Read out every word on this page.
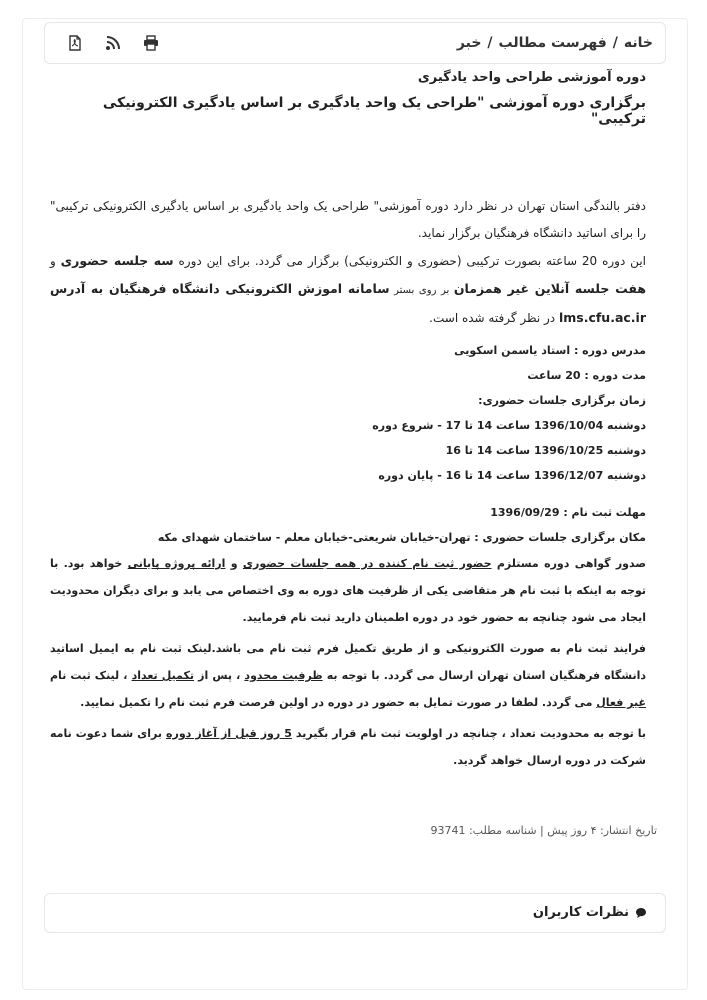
خانه/فهرست مطالب/خبر
دوره آموزشی طراحی واحد یادگیری
برگزاری دوره آموزشی "طراحی یک واحد یادگیری بر اساس یادگیری الکترونیکی ترکیبی"
دفتر بالندگی استان تهران در نظر دارد دوره آموزشی" طراحی یک واحد یادگیری بر اساس یادگیری الکترونیکی ترکیبی" را برای اساتید دانشگاه فرهنگیان برگزار نماید.
این دوره 20 ساعته بصورت ترکیبی (حضوری و الکترونیکی) برگزار می گردد. برای این دوره سه جلسه حضوری و هفت جلسه آنلاین غیر همزمان بر روی بستر سامانه اموزش الکترونیکی دانشگاه فرهنگیان به آدرس lms.cfu.ac.ir در نظر گرفته شده است.
مدرس دوره : استاد یاسمن اسکویی
مدت دوره : 20 ساعت
زمان برگزاری جلسات حضوری:
دوشنبه 1396/10/04 ساعت 14 تا 17 - شروع دوره
دوشنبه 1396/10/25 ساعت 14 تا 16
دوشنبه 1396/12/07 ساعت 14 تا 16 - پایان دوره
مهلت ثبت نام : 1396/09/29
مکان برگزاری جلسات حضوری : تهران-خیابان شریعتی-خیابان معلم - ساختمان شهدای مکه

صدور گواهی دوره مستلزم حضور ثبت نام کننده در همه جلسات حضوری و ارائه پروژه پایانی خواهد بود. با توجه به اینکه با ثبت نام هر متقاضی یکی از ظرفیت های دوره به وی اختصاص می یابد و برای دیگران محدودیت ایجاد می شود چنانچه به حضور خود در دوره اطمینان دارید ثبت نام فرمایید.

فرایند ثبت نام به صورت الکترونیکی و از طریق تکمیل فرم ثبت نام می باشد.لینک ثبت نام به ایمیل اساتید دانشگاه فرهنگیان استان تهران ارسال می گردد. با توجه به ظرفیت محدود ، پس از تکمیل تعداد ، لینک ثبت نام غیر فعال می گردد. لطفا در صورت تمایل به حضور در دوره در اولین فرصت فرم ثبت نام را تکمیل نمایید.

با توجه به محدودیت تعداد ، چنانچه در اولویت ثبت نام قرار بگیرید 5 روز قبل از آغاز دوره برای شما دعوت نامه شرکت در دوره ارسال خواهد گردید.

تاریخ انتشار: ۴ روز پیش | شناسه مطلب: 93741
نظرات کاربران
